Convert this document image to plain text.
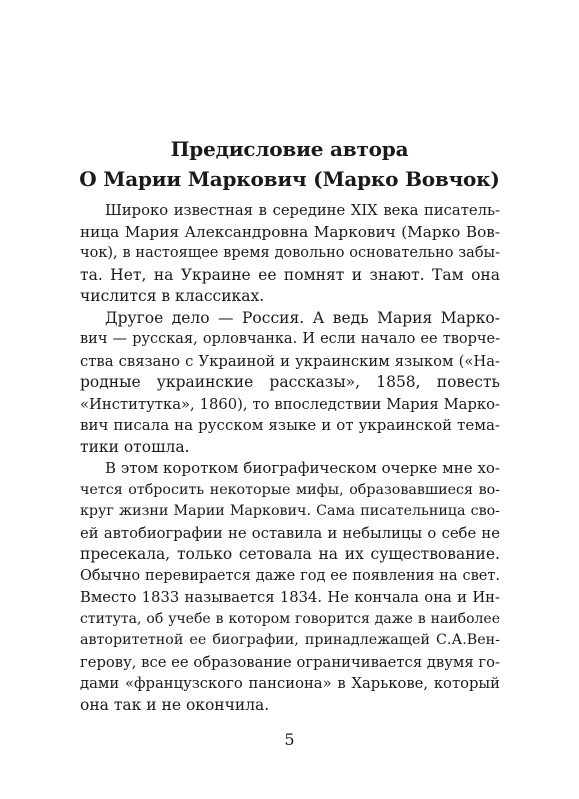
Предисловие автора
О Марии Маркович (Марко Вовчок)
Широко известная в середине XIX века писатель-
ница Мария Александровна Маркович (Марко Вов-
чок), в настоящее время довольно основательно забы-
та. Нет, на Украине ее помнят и знают. Там она
числится в классиках.
Другое дело — Россия. А ведь Мария Марко-
вич — русская, орловчанка. И если начало ее творче-
ства связано с Украиной и украинским языком («На-
родные украинские рассказы», 1858, повесть
«Институтка», 1860), то впоследствии Мария Марко-
вич писала на русском языке и от украинской тема-
тики отошла.
В этом коротком биографическом очерке мне хо-
чется отбросить некоторые мифы, образовавшиеся во-
круг жизни Марии Маркович. Сама писательница сво-
ей автобиографии не оставила и небылицы о себе не
пресекала, только сетовала на их существование.
Обычно перевирается даже год ее появления на свет.
Вместо 1833 называется 1834. Не кончала она и Ин-
ститута, об учебе в котором говорится даже в наиболее
авторитетной ее биографии, принадлежащей С.А.Вен-
герову, все ее образование ограничивается двумя го-
дами «французского пансиона» в Харькове, который
она так и не окончила.
5
